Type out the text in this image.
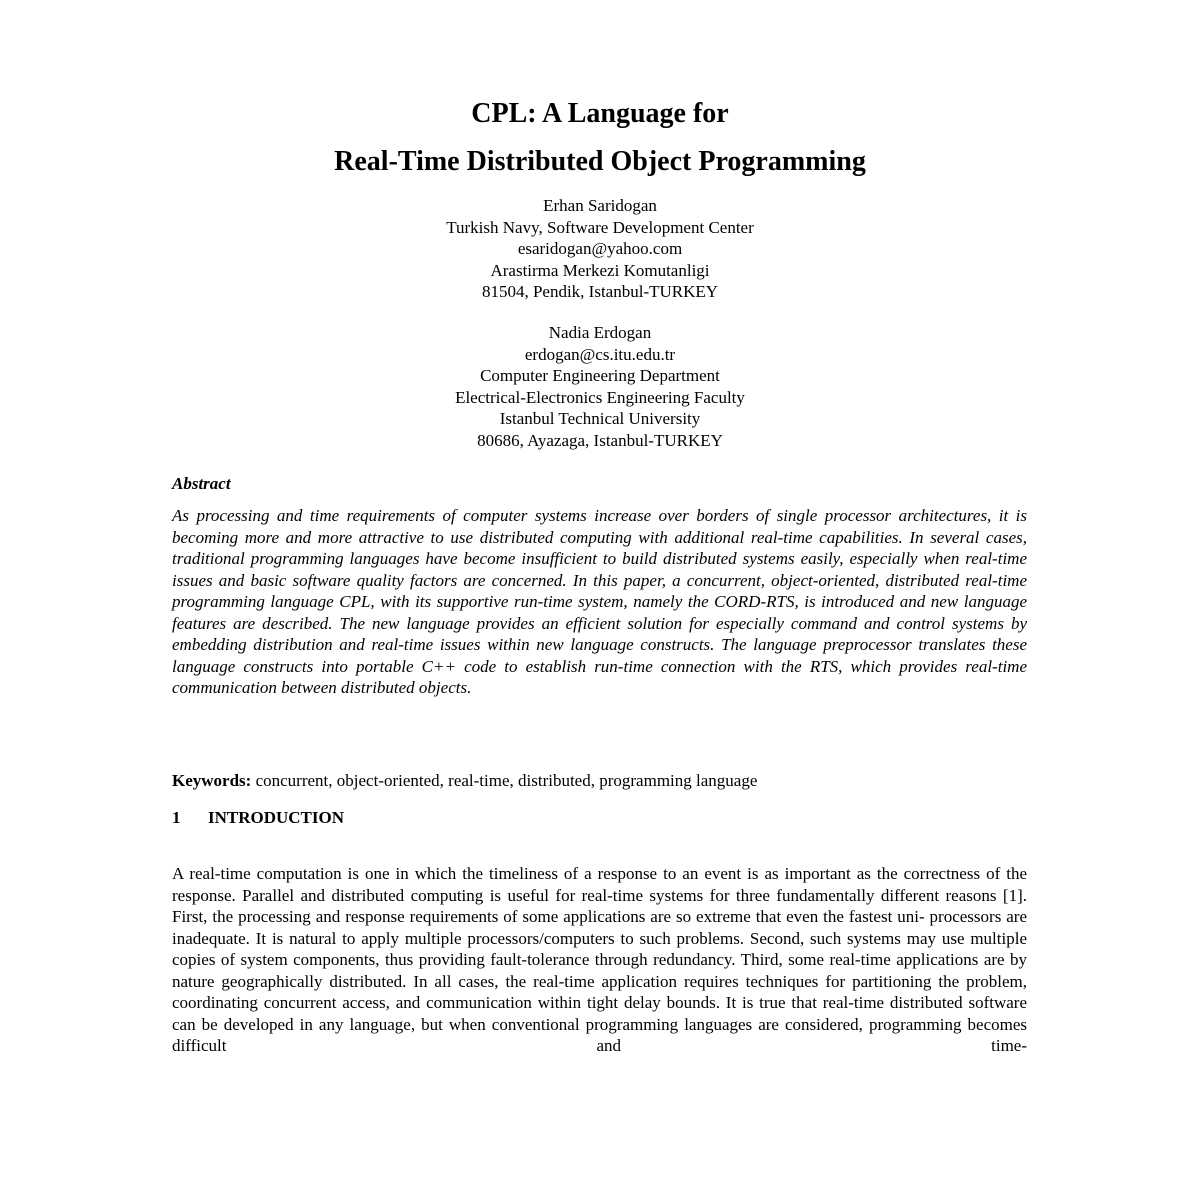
CPL: A Language for
Real-Time Distributed Object Programming
Erhan Saridogan
Turkish Navy, Software Development Center
esaridogan@yahoo.com
Arastirma Merkezi Komutanligi
81504, Pendik, Istanbul-TURKEY
Nadia Erdogan
erdogan@cs.itu.edu.tr
Computer Engineering Department
Electrical-Electronics Engineering Faculty
Istanbul Technical University
80686, Ayazaga, Istanbul-TURKEY
Abstract
As processing and time requirements of computer systems increase over borders of single processor architectures, it is becoming more and more attractive to use distributed computing with additional real-time capabilities. In several cases, traditional programming languages have become insufficient to build distributed systems easily, especially when real-time issues and basic software quality factors are concerned. In this paper, a concurrent, object-oriented, distributed real-time programming language CPL, with its supportive run-time system, namely the CORD-RTS, is introduced and new language features are described. The new language provides an efficient solution for especially command and control systems by embedding distribution and real-time issues within new language constructs. The language preprocessor translates these language constructs into portable C++ code to establish run-time connection with the RTS, which provides real-time communication between distributed objects.
Keywords: concurrent, object-oriented, real-time, distributed, programming language
1 INTRODUCTION
A real-time computation is one in which the timeliness of a response to an event is as important as the correctness of the response. Parallel and distributed computing is useful for real-time systems for three fundamentally different reasons [1]. First, the processing and response requirements of some applications are so extreme that even the fastest uni- processors are inadequate. It is natural to apply multiple processors/computers to such problems. Second, such systems may use multiple copies of system components, thus providing fault-tolerance through redundancy. Third, some real-time applications are by nature geographically distributed. In all cases, the real-time application requires techniques for partitioning the problem, coordinating concurrent access, and communication within tight delay bounds. It is true that real-time distributed software can be developed in any language, but when conventional programming languages are considered, programming becomes difficult and time-
